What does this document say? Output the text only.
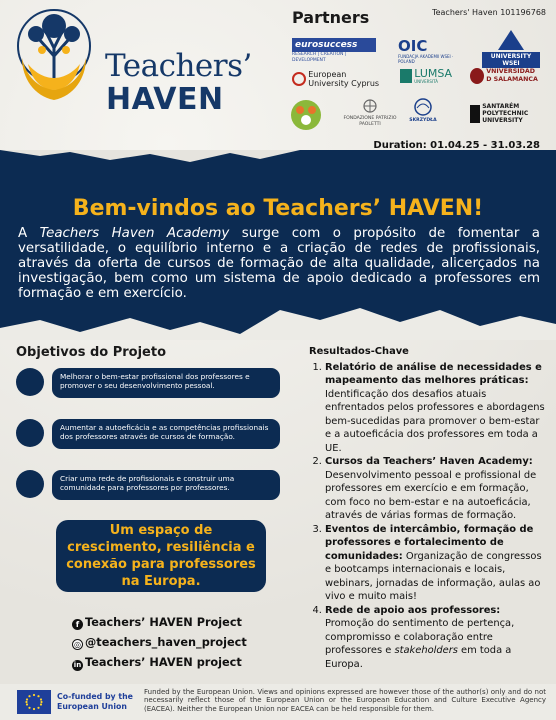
Teachers' Haven 101196768
Teachers’
HAVEN
Partners
eurosuccess
RESEARCH | CREATION | DEVELOPMENT
OIC
FUNDACJA AKADEMII WSEI · POLAND
UNIVERSITY WSEI
European University Cyprus

LUMSA
UNIVERSITÀ
VNIVERSIDAD D SALAMANCA
FONDAZIONE PATRIZIO PAOLETTI
SKRZYDŁA
SANTARÉM POLYTECHNIC UNIVERSITY
Duration: 01.04.25 - 31.03.28
Bem-vindos ao Teachers’ HAVEN!
A Teachers Haven Academy surge com o propósito de fomentar a versatilidade, o equilíbrio interno e a criação de redes de profissionais, através da oferta de cursos de formação de alta qualidade, alicerçados na investigação, bem como um sistema de apoio dedicado a professores em formação e em exercício.
Objetivos do Projeto
Melhorar o bem-estar profissional dos professores e promover o seu desenvolvimento pessoal.
Aumentar a autoeficácia e as competências profissionais dos professores através de cursos de formação.
Criar uma rede de profissionais e construir uma comunidade para professores por professores.
Um espaço de crescimento, resiliência e conexão para professores na Europa.
f Teachers’ HAVEN Project
◎ @teachers_haven_project
in Teachers’ HAVEN project
Resultados-Chave
1. Relatório de análise de necessidades e mapeamento das melhores práticas: Identificação dos desafios atuais enfrentados pelos professores e abordagens bem-sucedidas para promover o bem-estar e a autoeficácia dos professores em toda a UE.
2. Cursos da Teachers’ Haven Academy: Desenvolvimento pessoal e profissional de professores em exercício e em formação, com foco no bem-estar e na autoeficácia, através de várias formas de formação.
3. Eventos de intercâmbio, formação de professores e fortalecimento de comunidades: Organização de congressos e bootcamps internacionais e locais, webinars, jornadas de informação, aulas ao vivo e muito mais!
4. Rede de apoio aos professores: Promoção do sentimento de pertença, compromisso e colaboração entre professores e stakeholders em toda a Europa.
Co-funded by the European Union
Funded by the European Union. Views and opinions expressed are however those of the author(s) only and do not necessarily reflect those of the European Union or the European Education and Culture Executive Agency (EACEA). Neither the European Union nor EACEA can be held responsible for them.
